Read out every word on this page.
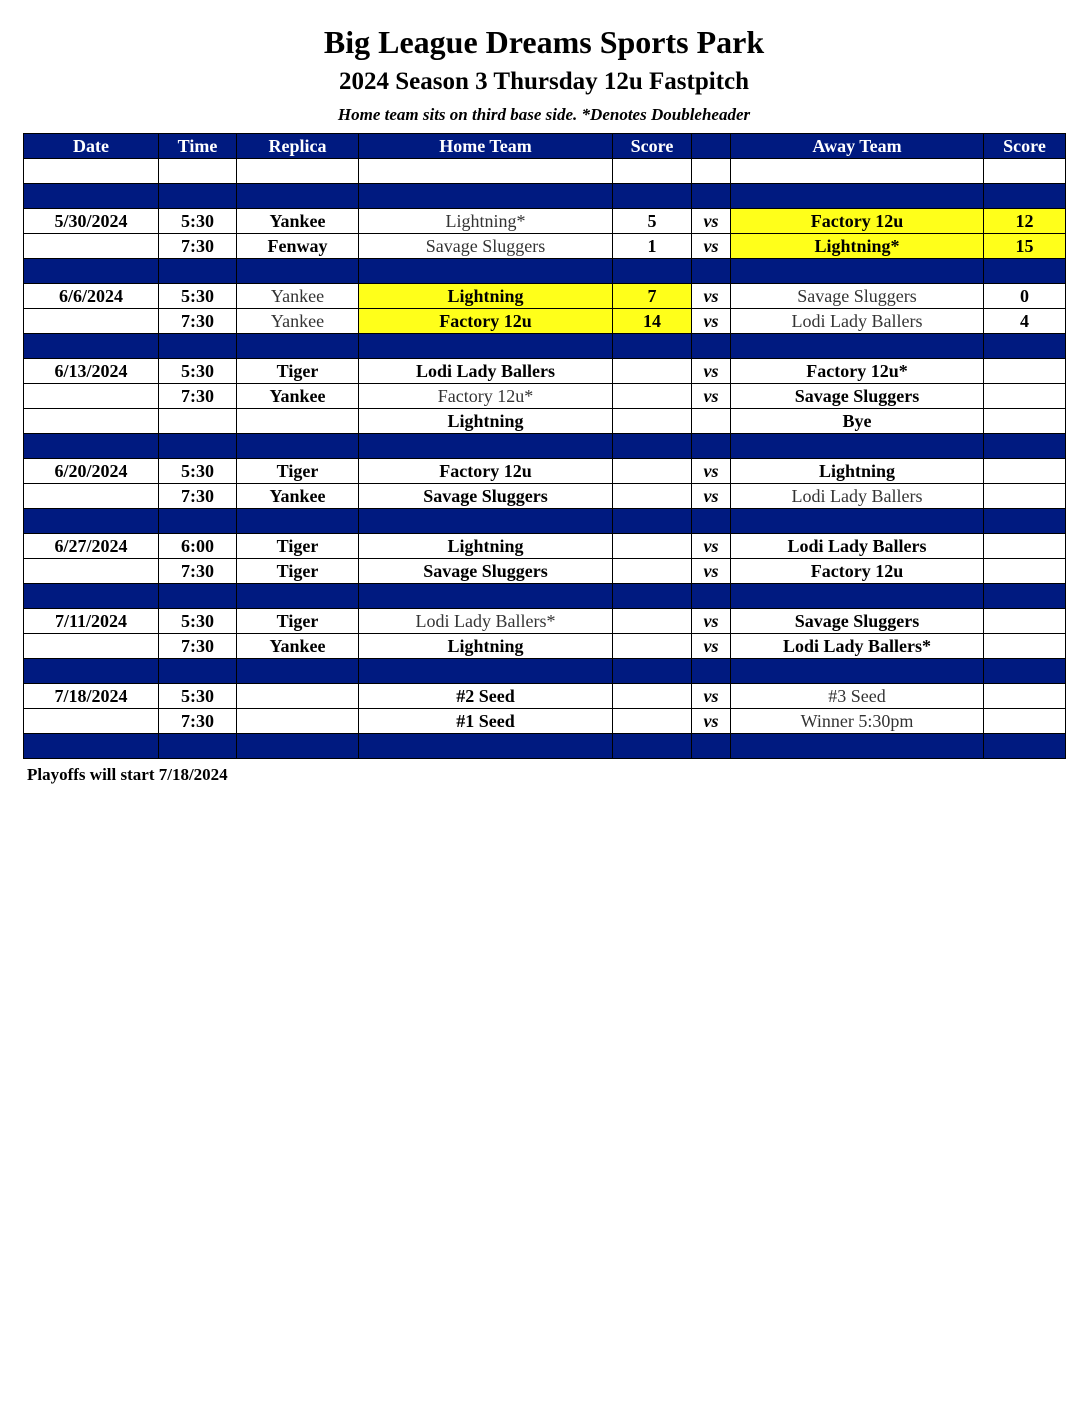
Big League Dreams Sports Park
2024 Season 3 Thursday 12u Fastpitch
Home team sits on third base side. *Denotes Doubleheader
Date	Time	Replica	Home Team	Score		Away Team	Score

5/30/2024	5:30	Yankee	Lightning*	5	vs	Factory 12u	12
	7:30	Fenway	Savage Sluggers	1	vs	Lightning*	15

6/6/2024	5:30	Yankee	Lightning	7	vs	Savage Sluggers	0
	7:30	Yankee	Factory 12u	14	vs	Lodi Lady Ballers	4

6/13/2024	5:30	Tiger	Lodi Lady Ballers		vs	Factory 12u*	
	7:30	Yankee	Factory 12u*		vs	Savage Sluggers	
			Lightning			Bye	

6/20/2024	5:30	Tiger	Factory 12u		vs	Lightning	
	7:30	Yankee	Savage Sluggers		vs	Lodi Lady Ballers	

6/27/2024	6:00	Tiger	Lightning		vs	Lodi Lady Ballers	
	7:30	Tiger	Savage Sluggers		vs	Factory 12u	

7/11/2024	5:30	Tiger	Lodi Lady Ballers*		vs	Savage Sluggers	
	7:30	Yankee	Lightning		vs	Lodi Lady Ballers*	

7/18/2024	5:30		#2 Seed		vs	#3 Seed	
	7:30		#1 Seed		vs	Winner 5:30pm	

Playoffs will start 7/18/2024
